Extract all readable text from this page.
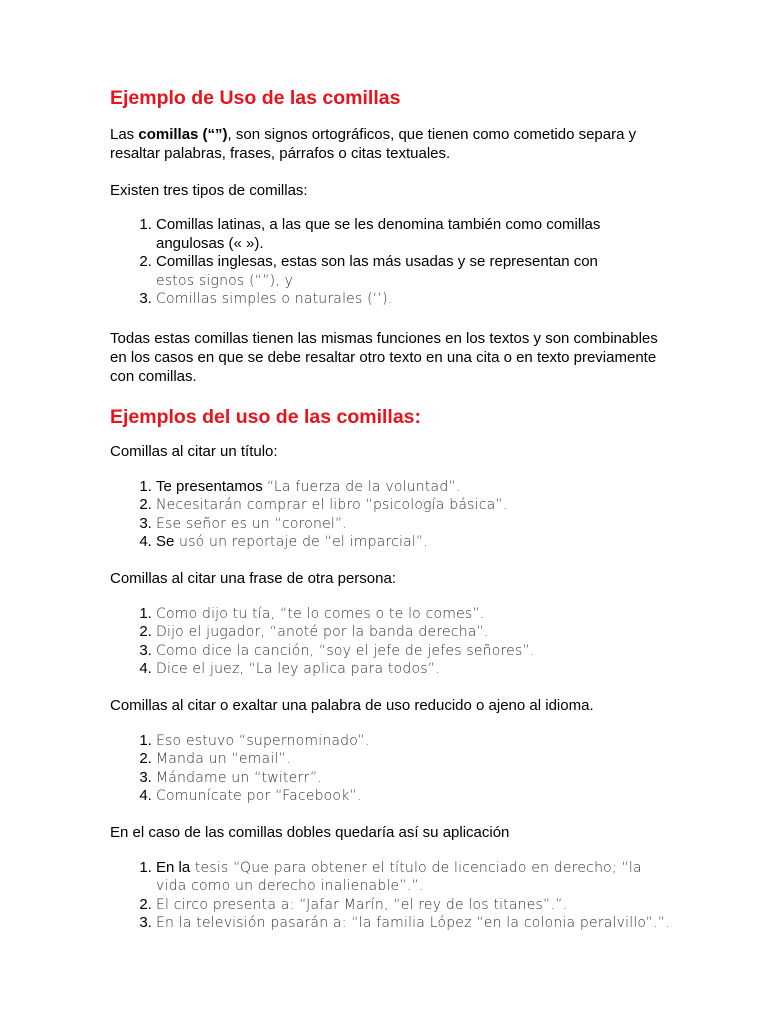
Ejemplo de Uso de las comillas

Las comillas (“”), son signos ortográficos, que tienen como cometido separa y resaltar palabras, frases, párrafos o citas textuales.

Existen tres tipos de comillas:

1. Comillas latinas, a las que se les denomina también como comillas angulosas (« »).
2. Comillas inglesas, estas son las más usadas y se representan con
estos signos (“”), y
3. Comillas simples o naturales (‘’).

Todas estas comillas tienen las mismas funciones en los textos y son combinables en los casos en que se debe resaltar otro texto en una cita o en texto previamente con comillas.

Ejemplos del uso de las comillas:

Comillas al citar un título:

1. Te presentamos “La fuerza de la voluntad”.
2. Necesitarán comprar el libro “psicología básica”.
3. Ese señor es un “coronel”.
4. Se usó un reportaje de “el imparcial”.

Comillas al citar una frase de otra persona:

1. Como dijo tu tía, “te lo comes o te lo comes”.
2. Dijo el jugador, “anoté por la banda derecha”.
3. Como dice la canción, “soy el jefe de jefes señores”.
4. Dice el juez, “La ley aplica para todos”.

Comillas al citar o exaltar una palabra de uso reducido o ajeno al idioma.

1. Eso estuvo “supernominado”.
2. Manda un “email”.
3. Mándame un “twiterr”.
4. Comunícate por “Facebook”.

En el caso de las comillas dobles quedaría así su aplicación

1. En la tesis “Que para obtener el título de licenciado en derecho; “la vida como un derecho inalienable”.”.
2. El circo presenta a: “Jafar Marín, “el rey de los titanes”.”.
3. En la televisión pasarán a: “la familia López “en la colonia peralvillo”.”.
